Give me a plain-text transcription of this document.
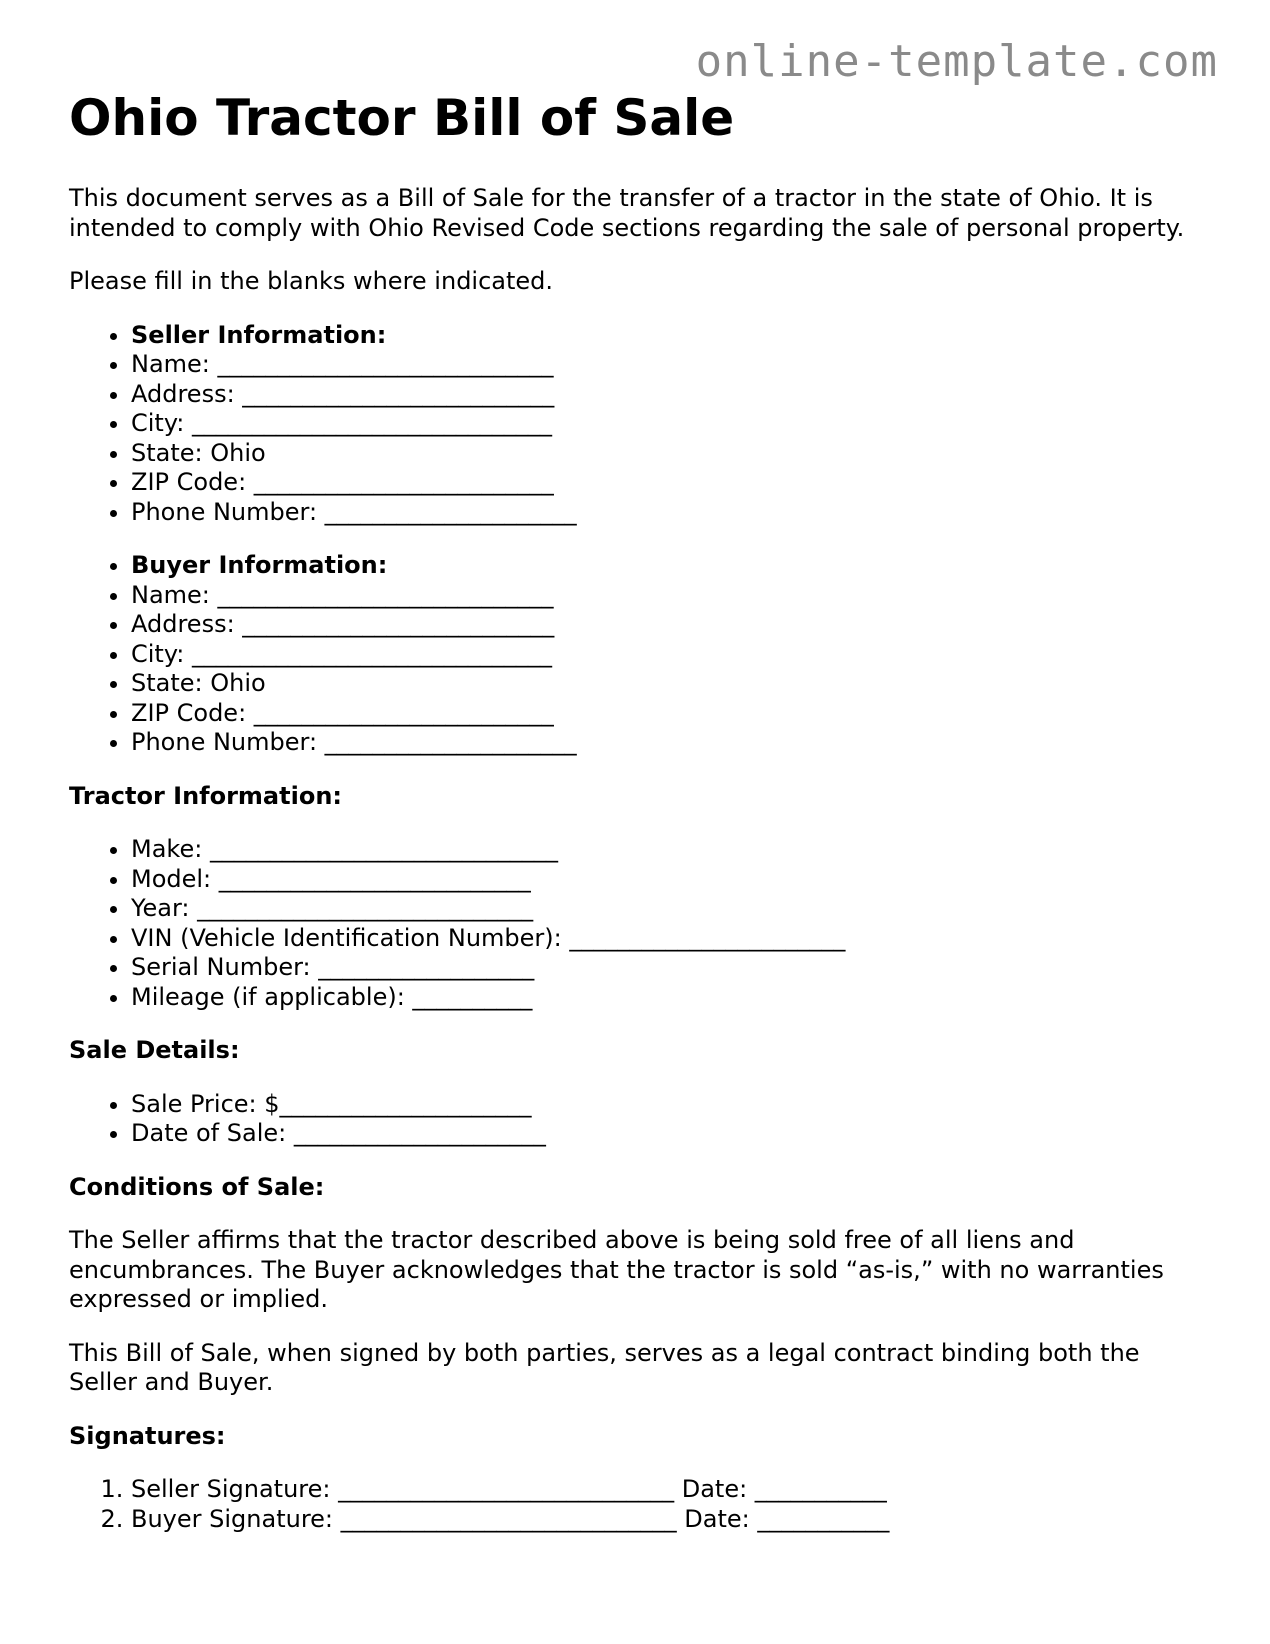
online-template.com
Ohio Tractor Bill of Sale

This document serves as a Bill of Sale for the transfer of a tractor in the state of Ohio. It is intended to comply with Ohio Revised Code sections regarding the sale of personal property.

Please fill in the blanks where indicated.

• Seller Information:
• Name: ____________________________
• Address: __________________________
• City: ______________________________
• State: Ohio
• ZIP Code: _________________________
• Phone Number: _____________________
• Buyer Information:
• Name: ____________________________
• Address: __________________________
• City: ______________________________
• State: Ohio
• ZIP Code: _________________________
• Phone Number: _____________________
Tractor Information:
• Make: _____________________________
• Model: __________________________
• Year: ____________________________
• VIN (Vehicle Identification Number): _______________________
• Serial Number: __________________
• Mileage (if applicable): __________
Sale Details:
• Sale Price: $_____________________
• Date of Sale: _____________________
Conditions of Sale:

The Seller affirms that the tractor described above is being sold free of all liens and encumbrances. The Buyer acknowledges that the tractor is sold “as-is,” with no warranties expressed or implied.

This Bill of Sale, when signed by both parties, serves as a legal contract binding both the Seller and Buyer.

Signatures:
1. Seller Signature: ____________________________ Date: ___________
2. Buyer Signature: ____________________________ Date: ___________
